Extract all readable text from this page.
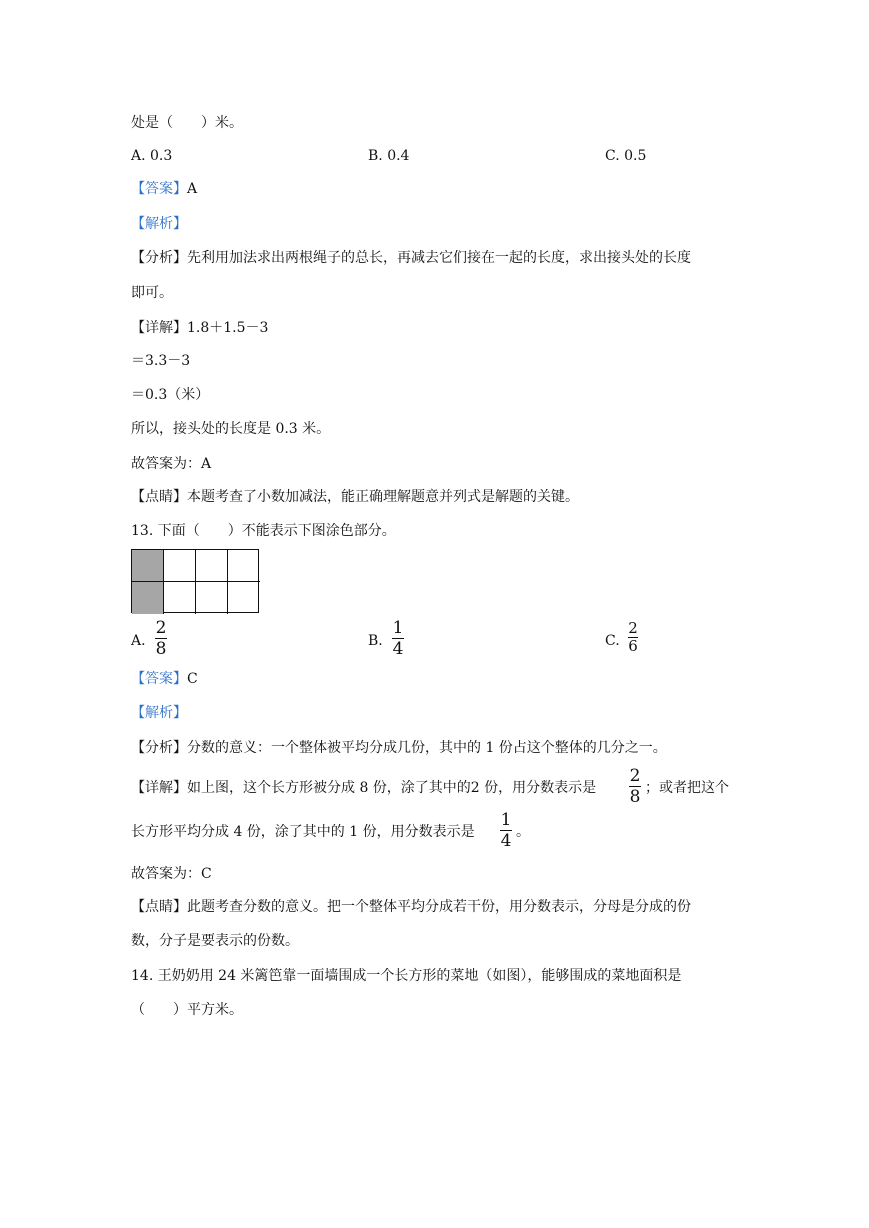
处是（　　）米。
A. 0.3	B. 0.4	C. 0.5
【答案】A
【解析】
【分析】先利用加法求出两根绳子的总长，再减去它们接在一起的长度，求出接头处的长度
即可。
【详解】1.8＋1.5－3
＝3.3－3
＝0.3（米）
所以，接头处的长度是 0.3 米。
故答案为：A
【点睛】本题考查了小数加减法，能正确理解题意并列式是解题的关键。
13. 下面（　　）不能表示下图涂色部分。
A.
2
8	B.
1
4	C.
2
6
【答案】C
【解析】
【分析】分数的意义：一个整体被平均分成几份，其中的 1 份占这个整体的几分之一。
【详解】如上图，这个长方形被分成 8 份，涂了其中的2 份，用分数表示是
2
8 ；或者把这个
长方形平均分成 4 份，涂了其中的 1 份，用分数表示是
1
4 。
故答案为：C
【点睛】此题考查分数的意义。把一个整体平均分成若干份，用分数表示，分母是分成的份
数，分子是要表示的份数。
14. 王奶奶用 24 米篱笆靠一面墙围成一个长方形的菜地（如图），能够围成的菜地面积是
（　　）平方米。
